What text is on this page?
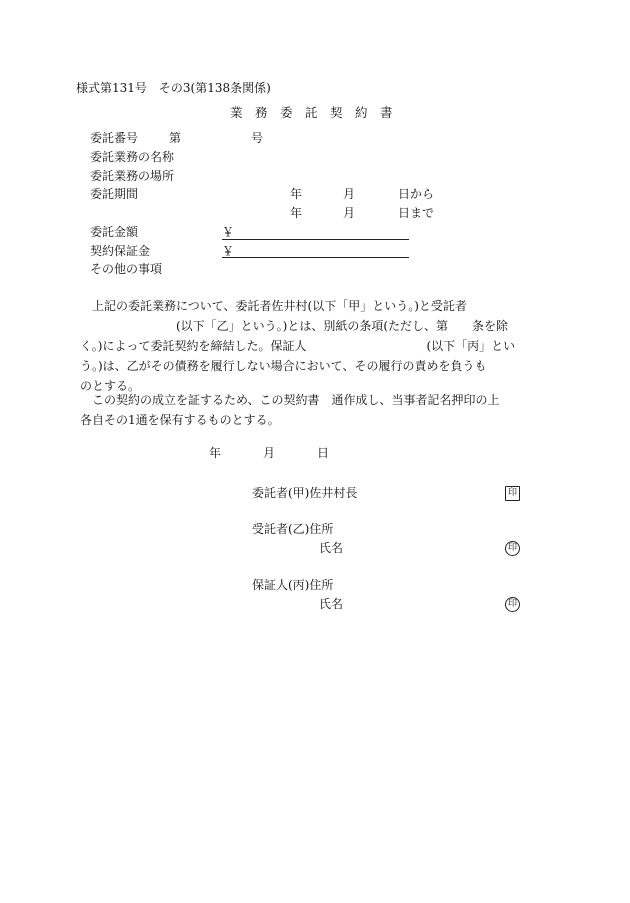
様式第131号　その3(第138条関係)
業　務　委　託　契　約　書
委託番号	第	号
委託業務の名称
委託業務の場所
委託期間	年	月	日から
年	月	日まで
委託金額	￥
契約保証金	￥
その他の事項
　上記の委託業務について、委託者佐井村(以下「甲」という。)と受託者
　　　　　　　　(以下「乙」という。)とは、別紙の条項(ただし、第　　条を除
く。)によって委託契約を締結した。保証人　　　　　　　　　　(以下「丙」とい
う。)は、乙がその債務を履行しない場合において、その履行の責めを負うも
のとする。
　この契約の成立を証するため、この契約書　通作成し、当事者記名押印の上
各自その1通を保有するものとする。
年	月	日
委託者(甲)佐井村長	印
受託者(乙)住所
氏名	印
保証人(丙)住所
氏名	印
